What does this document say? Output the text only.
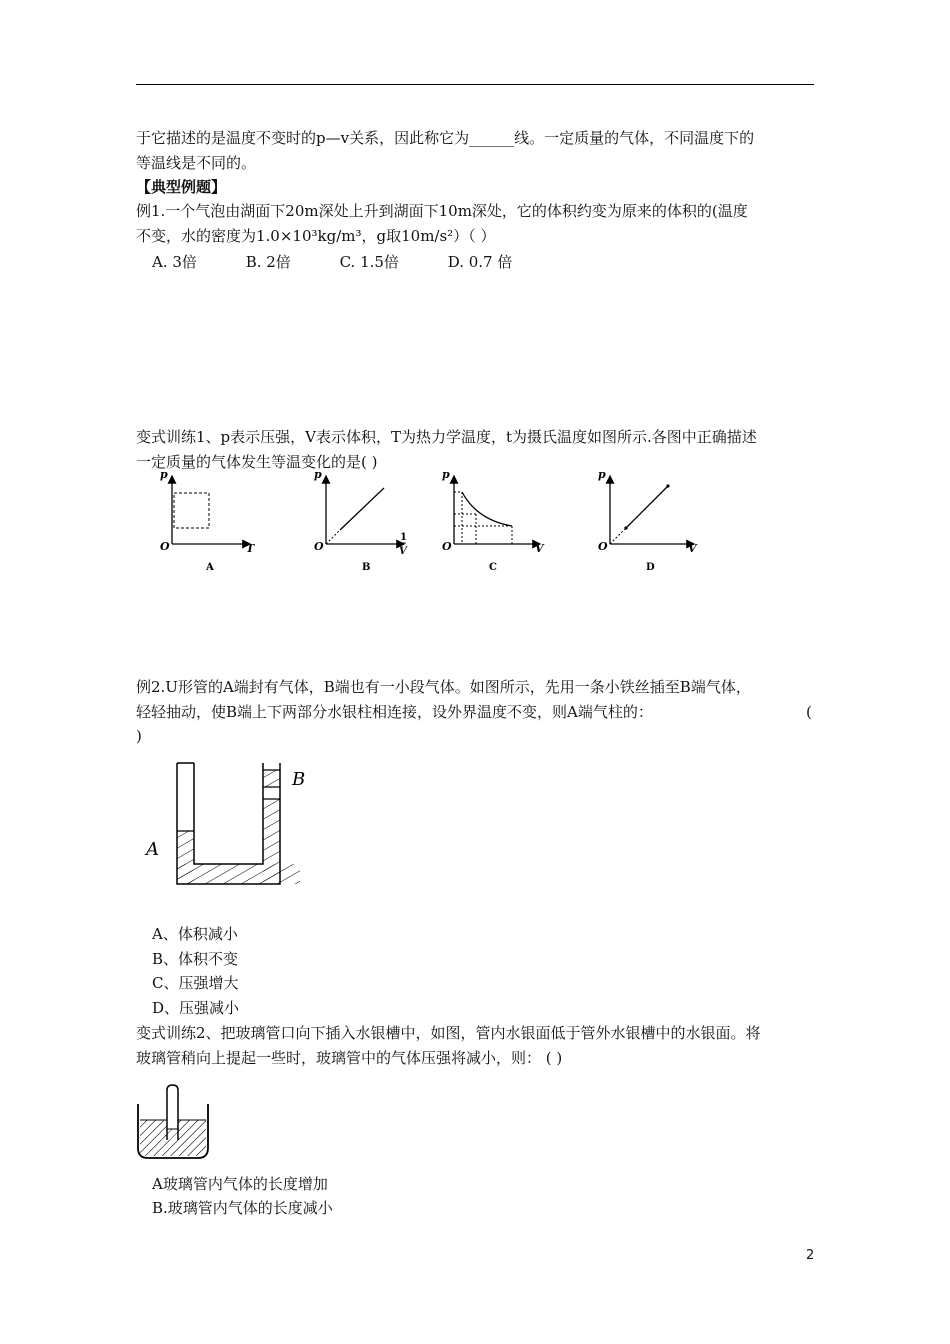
于它描述的是温度不变时的p—v关系，因此称它为______线。一定质量的气体，不同温度下的
等温线是不同的。
【典型例题】
例1.一个气泡由湖面下20m深处上升到湖面下10m深处，它的体积约变为原来的体积的(温度
不变，水的密度为1.0×10³kg/m³，g取10m/s²）（ ）
A. 3倍	B. 2倍	C. 1.5倍	D. 0.7 倍
变式训练1、p表示压强，V表示体积，T为热力学温度，t为摄氏温度如图所示.各图中正确描述
一定质量的气体发生等温变化的是( )
p
O	T
A
p
O
1
V
B
p
O	V
C
p
O	V
D
例2.U形管的A端封有气体，B端也有一小段气体。如图所示，先用一条小铁丝插至B端气体，
轻轻抽动，使B端上下两部分水银柱相连接，设外界温度不变，则A端气柱的：	(
)
A
B
A、体积减小
B、体积不变
C、压强增大
D、压强减小
变式训练2、把玻璃管口向下插入水银槽中，如图，管内水银面低于管外水银槽中的水银面。将
玻璃管稍向上提起一些时，玻璃管中的气体压强将减小，则： ( )
A玻璃管内气体的长度增加
B.玻璃管内气体的长度减小
2
